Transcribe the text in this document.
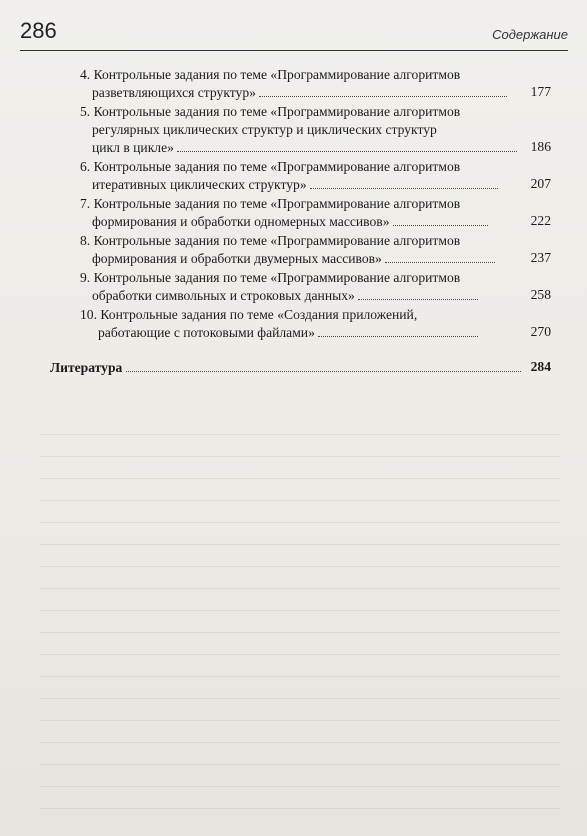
286	Содержание
4. Контрольные задания по теме «Программирование алгоритмов
разветвляющихся структур»	177
5. Контрольные задания по теме «Программирование алгоритмов
регулярных циклических структур и циклических структур
цикл в цикле»	186
6. Контрольные задания по теме «Программирование алгоритмов
итеративных циклических структур»	207
7. Контрольные задания по теме «Программирование алгоритмов
формирования и обработки одномерных массивов»	222
8. Контрольные задания по теме «Программирование алгоритмов
формирования и обработки двумерных массивов»	237
9. Контрольные задания по теме «Программирование алгоритмов
обработки символьных и строковых данных»	258
10. Контрольные задания по теме «Создания приложений,
работающие с потоковыми файлами»	270
Литература	284
